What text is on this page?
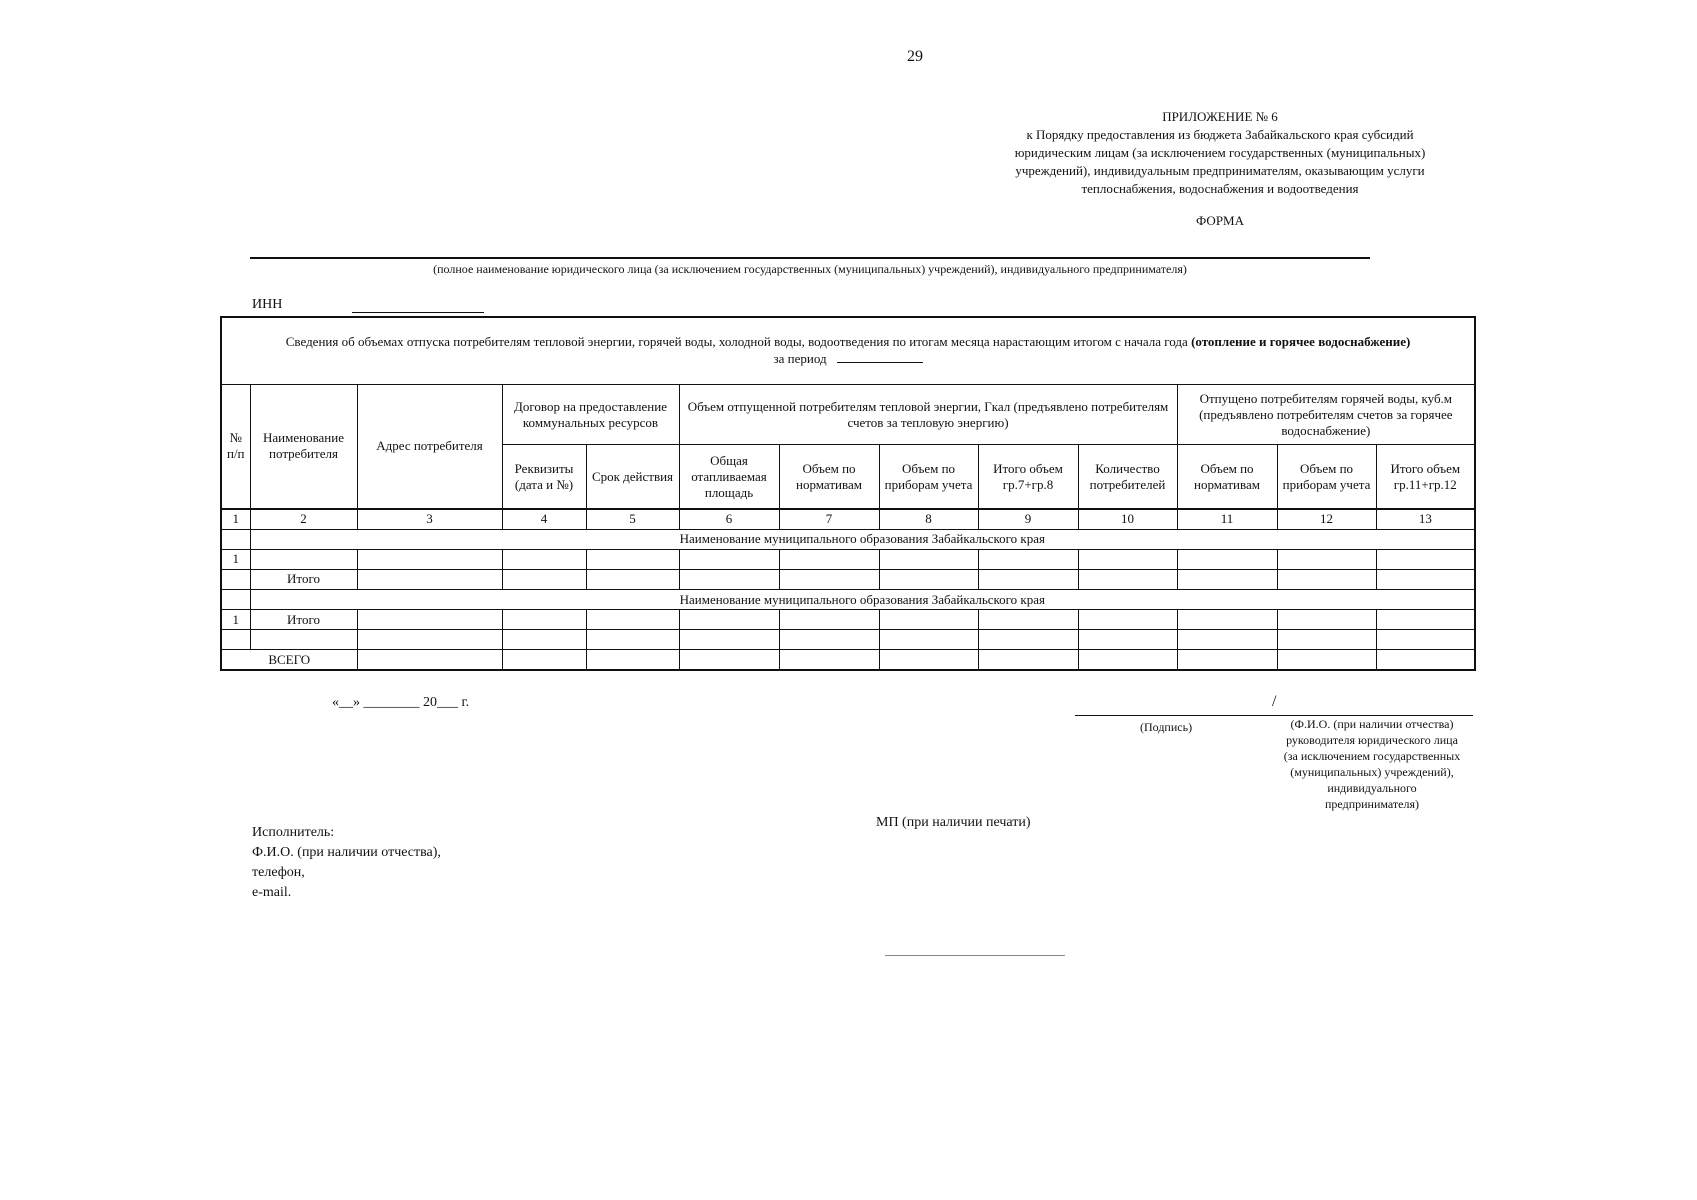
29
ПРИЛОЖЕНИЕ № 6
к Порядку предоставления из бюджета Забайкальского края субсидий
юридическим лицам (за исключением государственных (муниципальных)
учреждений), индивидуальным предпринимателям, оказывающим услуги
теплоснабжения, водоснабжения и водоотведения
ФОРМА
(полное наименование юридического лица (за исключением государственных (муниципальных) учреждений), индивидуального предпринимателя)
ИНН
Сведения об объемах отпуска потребителям тепловой энергии, горячей воды, холодной воды, водоотведения по итогам месяца нарастающим итогом с начала года (отопление и горячее водоснабжение)
за период												
№ п/п	Наименование потребителя	Адрес потребителя	Договор на предоставление коммунальных ресурсов		Объем отпущенной потребителям тепловой энергии, Гкал (предъявлено потребителям счетов за тепловую энергию)					Отпущено потребителям горячей воды, куб.м (предъявлено потребителям счетов за горячее водоснабжение)		
			Реквизиты (дата и №)	Срок действия	Общая отапливаемая площадь	Объем по нормативам	Объем по приборам учета	Итого объем гр.7+гр.8	Количество потребителей	Объем по нормативам	Объем по приборам учета	Итого объем гр.11+гр.12
1	2	3	4	5	6	7	8	9	10	11	12	13
	Наименование муниципального образования Забайкальского края											
1												
	Итого											
	Наименование муниципального образования Забайкальского края											
1	Итого											

ВСЕГО												
«__» ________ 20___ г.	/
(Подпись)	(Ф.И.О. (при наличии отчества)
руководителя юридического лица
(за исключением государственных
(муниципальных) учреждений),
индивидуального
предпринимателя)
МП (при наличии печати)
Исполнитель:
Ф.И.О. (при наличии отчества),
телефон,
e-mail.
